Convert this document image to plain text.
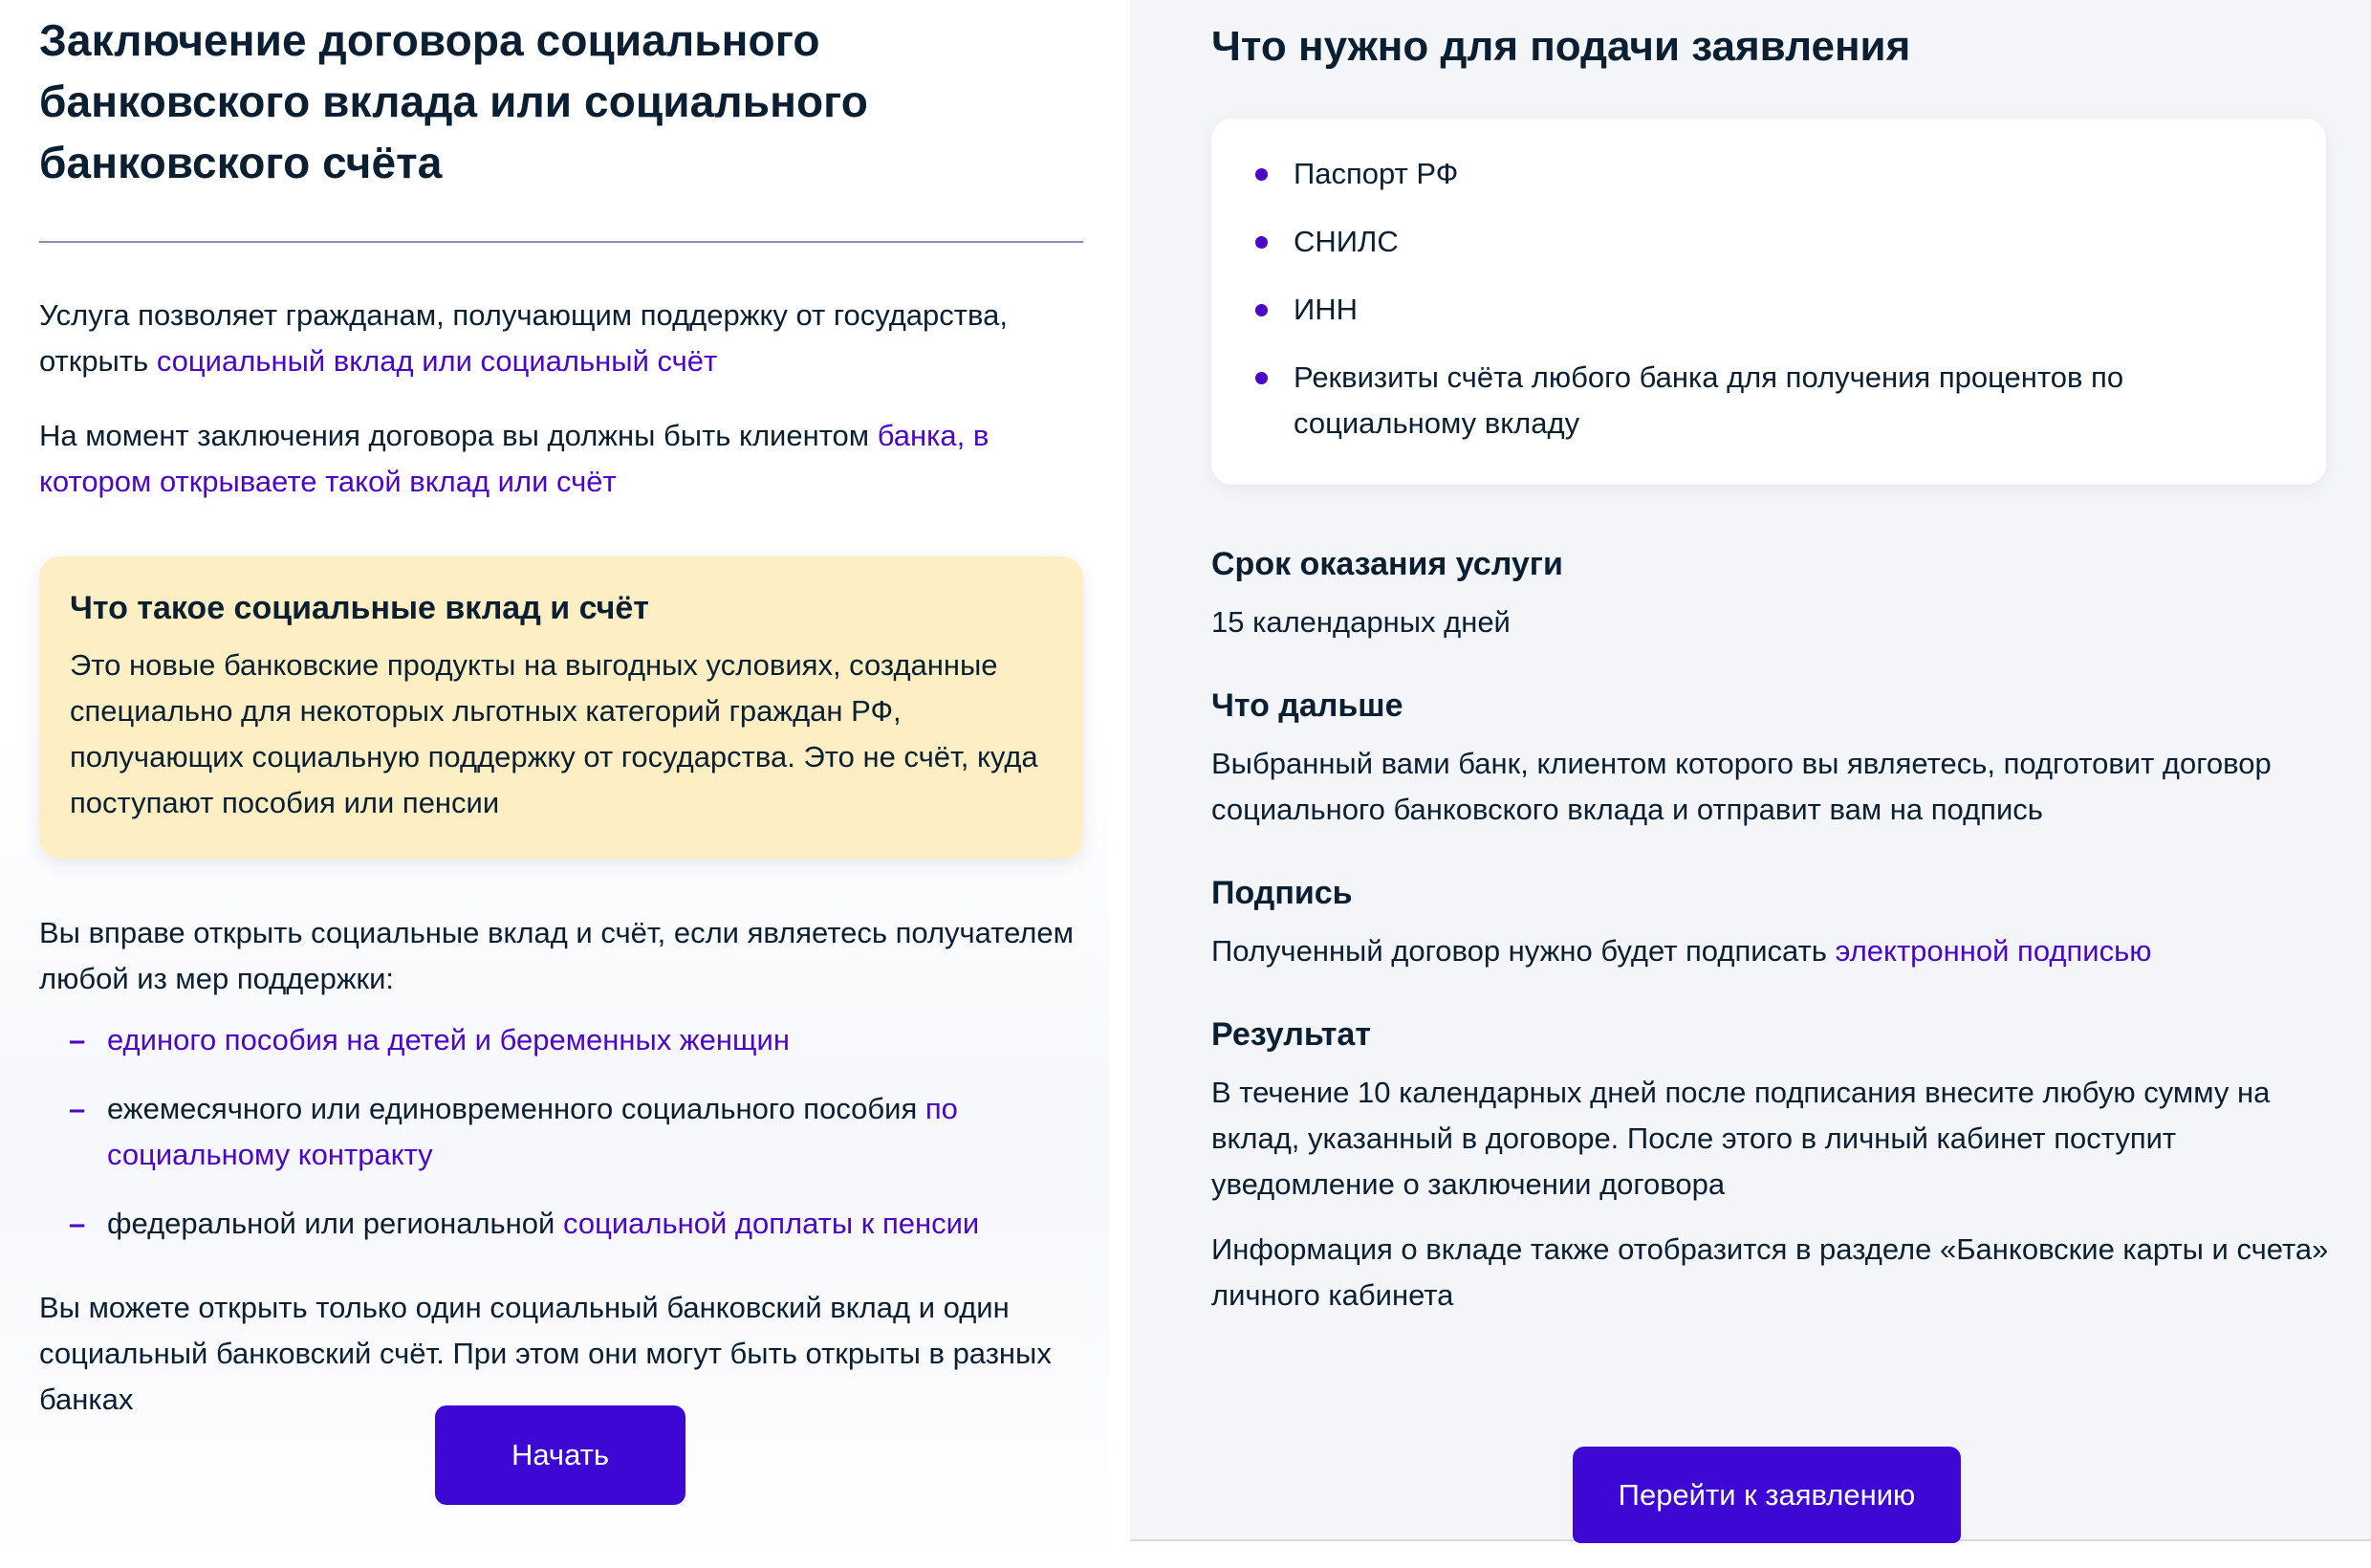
Заключение договора социального банковского вклада или социального банковского счёта

Услуга позволяет гражданам, получающим поддержку от государства, открыть социальный вклад или социальный счёт

На момент заключения договора вы должны быть клиентом банка, в котором открываете такой вклад или счёт

Что такое социальные вклад и счёт
Это новые банковские продукты на выгодных условиях, созданные специально для некоторых льготных категорий граждан РФ, получающих социальную поддержку от государства. Это не счёт, куда поступают пособия или пенсии

Вы вправе открыть социальные вклад и счёт, если являетесь получателем любой из мер поддержки:

– единого пособия на детей и беременных женщин
– ежемесячного или единовременного социального пособия по социальному контракту
– федеральной или региональной социальной доплаты к пенсии

Вы можете открыть только один социальный банковский вклад и один социальный банковский счёт. При этом они могут быть открыты в разных банках

Начать
Что нужно для подачи заявления
Паспорт РФ
СНИЛС
ИНН
Реквизиты счёта любого банка для получения процентов по социальному вкладу
Срок оказания услуги
15 календарных дней
Что дальше
Выбранный вами банк, клиентом которого вы являетесь, подготовит договор социального банковского вклада и отправит вам на подпись
Подпись
Полученный договор нужно будет подписать электронной подписью
Результат
В течение 10 календарных дней после подписания внесите любую сумму на вклад, указанный в договоре. После этого в личный кабинет поступит уведомление о заключении договора
Информация о вкладе также отобразится в разделе «Банковские карты и счета» личного кабинета
Перейти к заявлению
